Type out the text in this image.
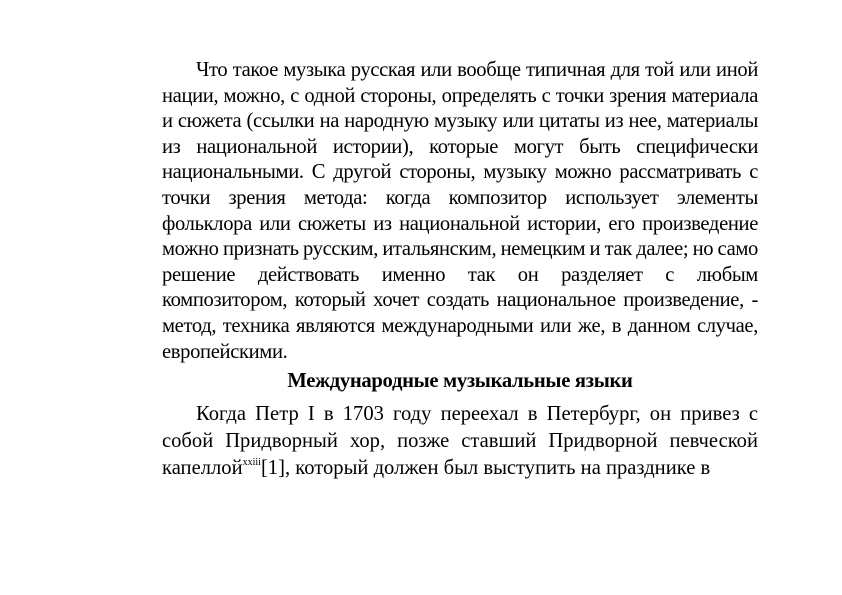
Что такое музыка русская или вообще типичная для той или иной нации, можно, с одной стороны, определять с точки зрения материала и сюжета (ссылки на народную музыку или цитаты из нее, материалы из национальной истории), которые могут быть специфически национальными. С другой стороны, музыку можно рассматривать с точки зрения метода: когда композитор использует элементы фольклора или сюжеты из национальной истории, его произведение можно признать русским, итальянским, немецким и так далее; но само решение действовать именно так он разделяет с любым композитором, который хочет создать национальное произведение, - метод, техника являются международными или же, в данном случае, европейскими.

Международные музыкальные языки

Когда Петр I в 1703 году переехал в Петербург, он привез с собой Придворный хор, позже ставший Придворной певческой капеллой$^{xxiii}$[1], который должен был выступить на празднике в
